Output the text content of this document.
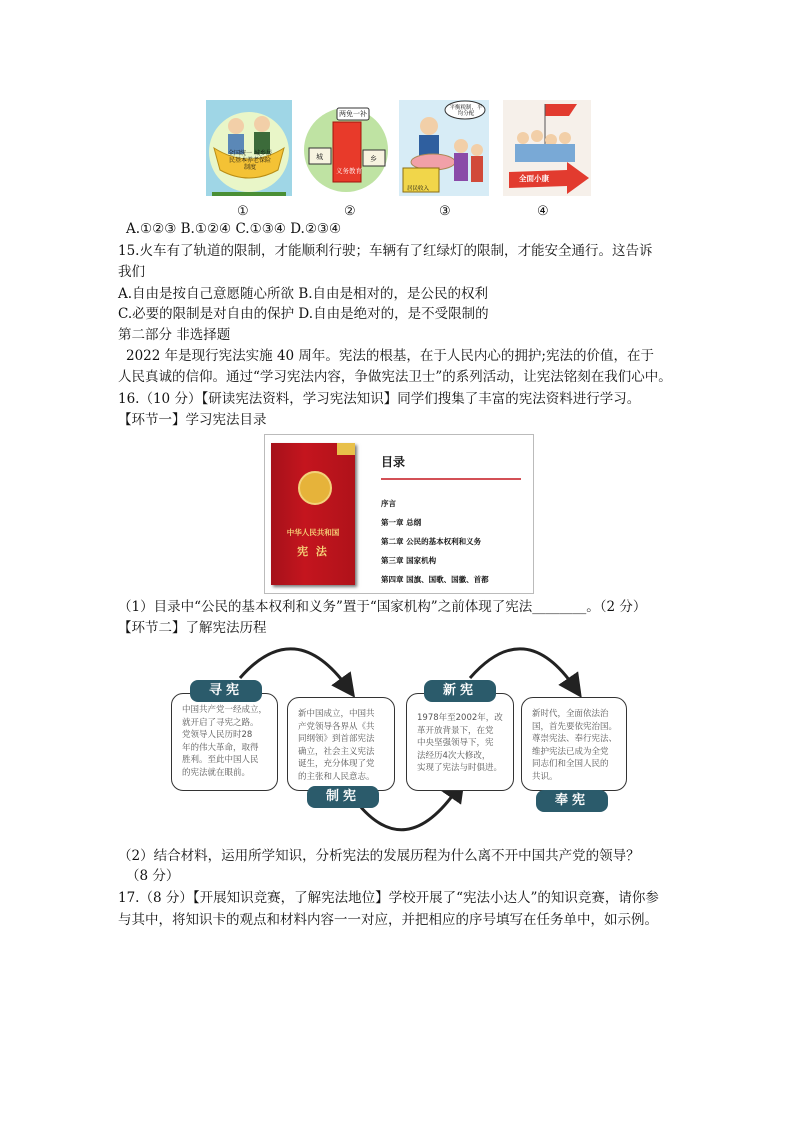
全国统一 城乡居民基本养老保险制度
两免一补
义务教育
城	乡
平衡税制，平均分配
居民收入
全面小康
①	②	③	④
A.①②③ B.①②④ C.①③④ D.②③④
15.火车有了轨道的限制，才能顺利行驶；车辆有了红绿灯的限制，才能安全通行。这告诉
我们
A.自由是按自己意愿随心所欲 B.自由是相对的，是公民的权利
C.必要的限制是对自由的保护 D.自由是绝对的，是不受限制的
第二部分 非选择题
2022 年是现行宪法实施 40 周年。宪法的根基，在于人民内心的拥护;宪法的价值，在于
人民真诚的信仰。通过“学习宪法内容，争做宪法卫士”的系列活动，让宪法铭刻在我们心中。
16.（10 分）【研读宪法资料，学习宪法知识】同学们搜集了丰富的宪法资料进行学习。
【环节一】学习宪法目录
中华人民共和国
宪 法
目录
序言
第一章 总纲
第二章 公民的基本权利和义务
第三章 国家机构
第四章 国旗、国歌、国徽、首都
（1）目录中“公民的基本权利和义务”置于“国家机构”之前体现了宪法________。（2 分）
【环节二】了解宪法历程
中国共产党一经成立，
就开启了寻宪之路。
党领导人民历时28
年的伟大革命，取得
胜利。至此中国人民
的宪法就在眼前。
寻宪
新中国成立，中国共
产党领导各界从《共
同纲领》到首部宪法
确立，社会主义宪法
诞生，充分体现了党
的主张和人民意志。
制宪
1978年至2002年，改
革开放背景下，在党
中央坚强领导下，宪
法经历4次大修改，
实现了宪法与时俱进。
新宪
新时代，全面依法治
国，首先要依宪治国。
尊崇宪法、奉行宪法、
维护宪法已成为全党
同志们和全国人民的
共识。
奉宪
（2）结合材料，运用所学知识，分析宪法的发展历程为什么离不开中国共产党的领导？
（8 分）
17.（8 分）【开展知识竞赛，了解宪法地位】学校开展了“宪法小达人”的知识竞赛，请你参
与其中，将知识卡的观点和材料内容一一对应，并把相应的序号填写在任务单中，如示例。
